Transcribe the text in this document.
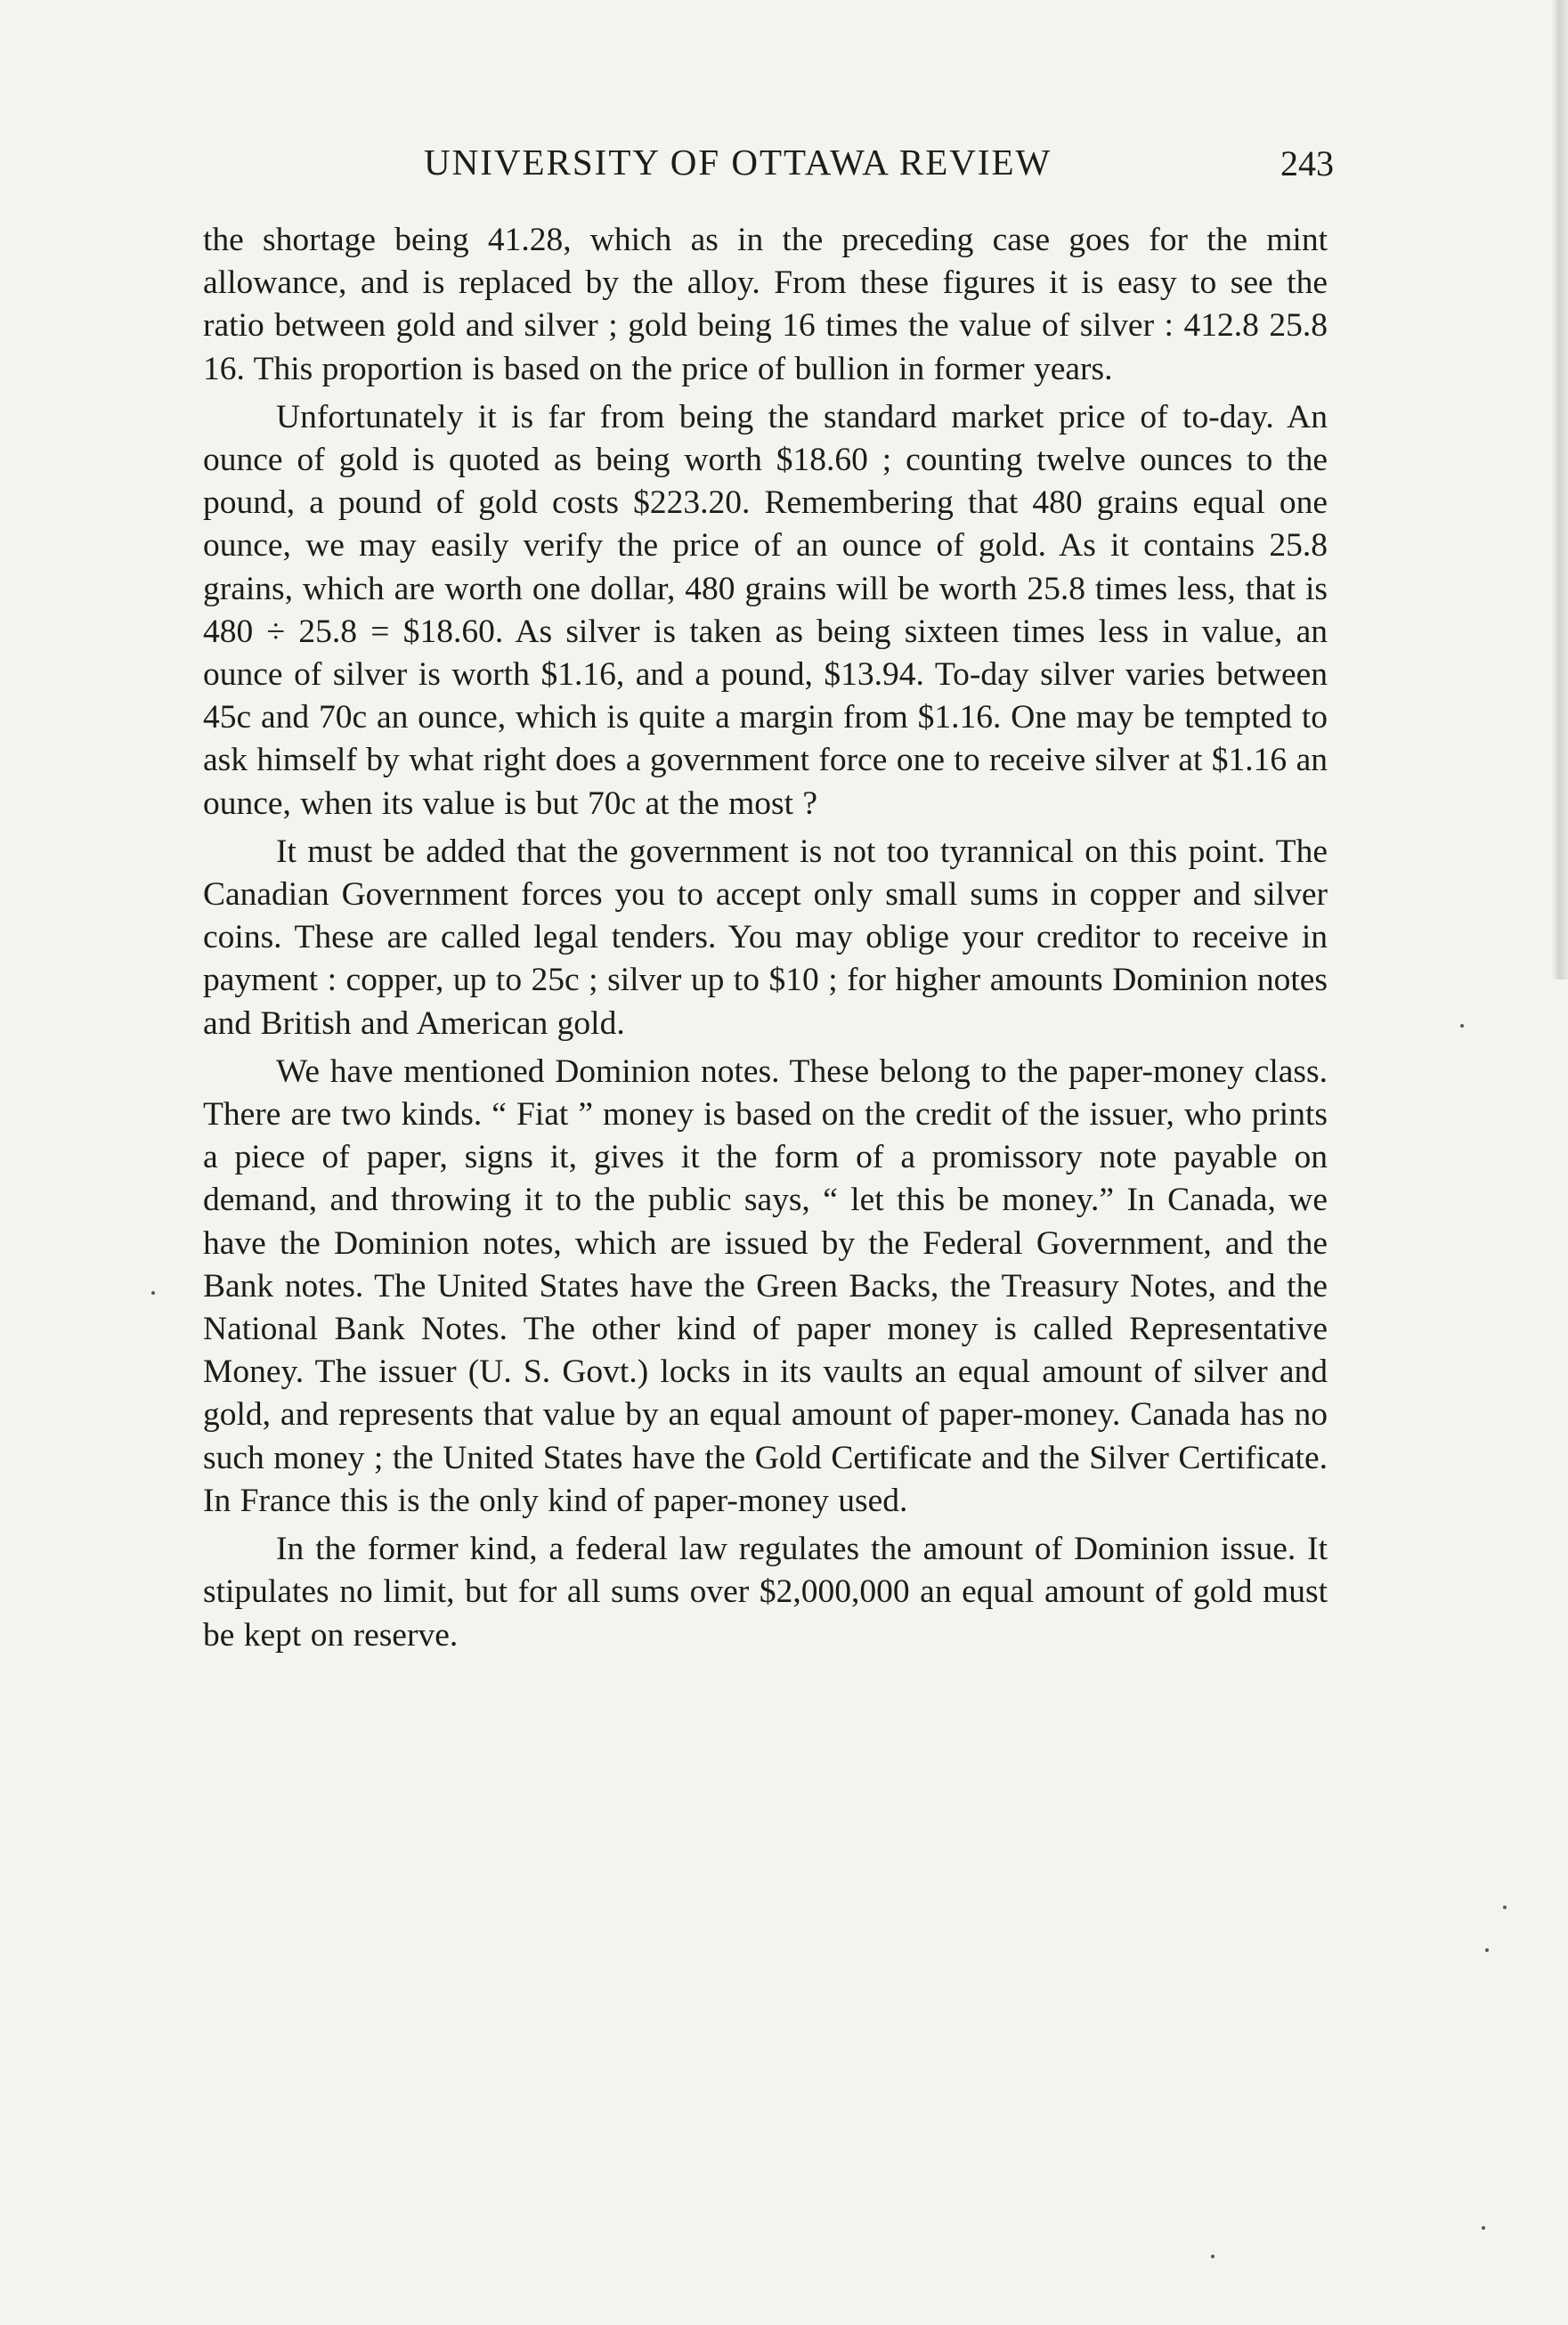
UNIVERSITY OF OTTAWA REVIEW	243

the shortage being 41.28, which as in the preceding case goes for the mint allowance, and is replaced by the alloy. From these figures it is easy to see the ratio between gold and silver ; gold being 16 times the value of silver : 412.8 25.8 16. This proportion is based on the price of bullion in former years.

Unfortunately it is far from being the standard market price of to-day. An ounce of gold is quoted as being worth $18.60 ; counting twelve ounces to the pound, a pound of gold costs $223.20. Remembering that 480 grains equal one ounce, we may easily verify the price of an ounce of gold. As it contains 25.8 grains, which are worth one dollar, 480 grains will be worth 25.8 times less, that is 480 ÷ 25.8 = $18.60. As silver is taken as being sixteen times less in value, an ounce of silver is worth $1.16, and a pound, $13.94. To-day silver varies between 45c and 70c an ounce, which is quite a margin from $1.16. One may be tempted to ask himself by what right does a government force one to receive silver at $1.16 an ounce, when its value is but 70c at the most ?

It must be added that the government is not too tyrannical on this point. The Canadian Government forces you to accept only small sums in copper and silver coins. These are called legal tenders. You may oblige your creditor to receive in payment : copper, up to 25c ; silver up to $10 ; for higher amounts Dominion notes and British and American gold.

We have mentioned Dominion notes. These belong to the paper-money class. There are two kinds. “ Fiat ” money is based on the credit of the issuer, who prints a piece of paper, signs it, gives it the form of a promissory note payable on demand, and throwing it to the public says, “ let this be money.” In Canada, we have the Dominion notes, which are issued by the Federal Government, and the Bank notes. The United States have the Green Backs, the Treasury Notes, and the National Bank Notes. The other kind of paper money is called Representative Money. The issuer (U. S. Govt.) locks in its vaults an equal amount of silver and gold, and represents that value by an equal amount of paper-money. Canada has no such money ; the United States have the Gold Certificate and the Silver Certificate. In France this is the only kind of paper-money used.

In the former kind, a federal law regulates the amount of Dominion issue. It stipulates no limit, but for all sums over $2,000,000 an equal amount of gold must be kept on reserve.
